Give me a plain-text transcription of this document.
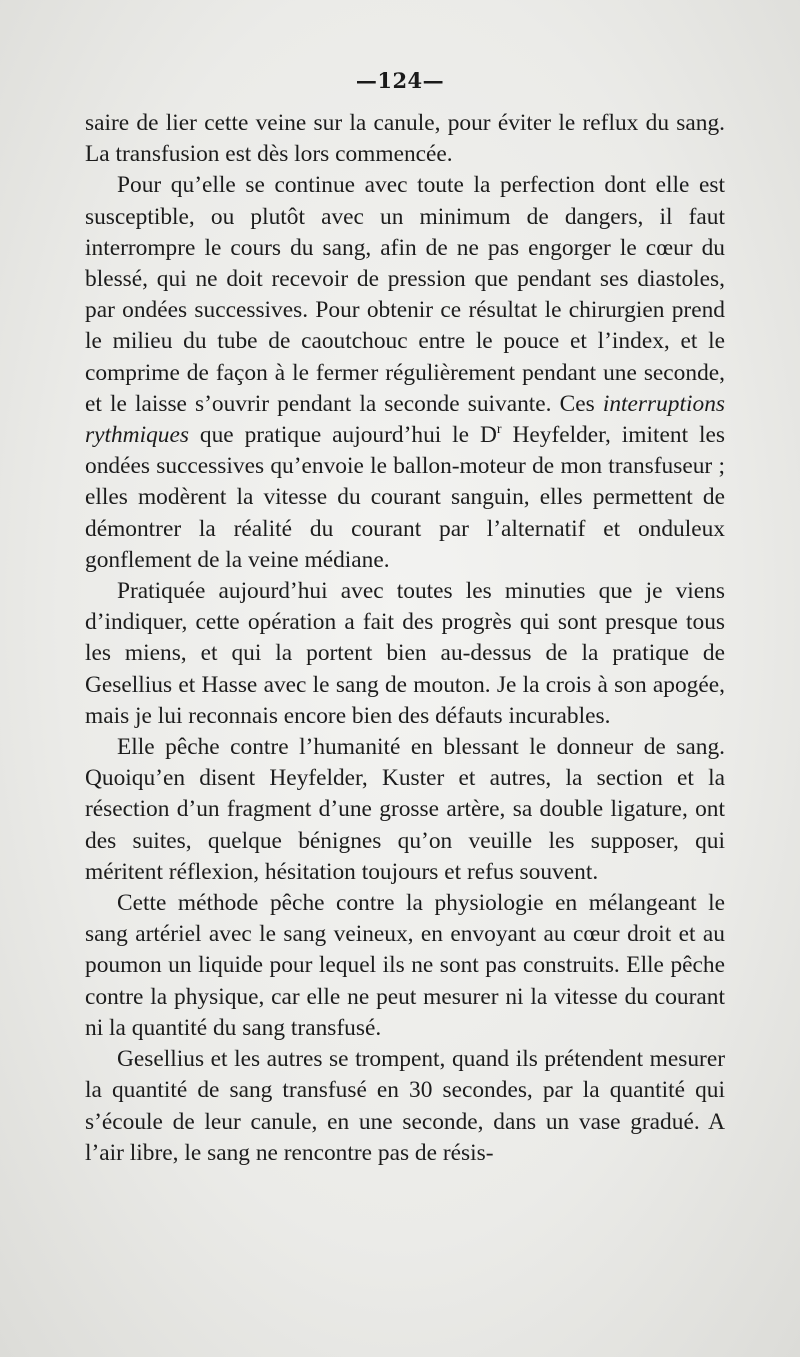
—124—

saire de lier cette veine sur la canule, pour éviter le reflux du sang. La transfusion est dès lors commencée.

Pour qu’elle se continue avec toute la perfection dont elle est susceptible, ou plutôt avec un minimum de dangers, il faut interrompre le cours du sang, afin de ne pas engorger le cœur du blessé, qui ne doit recevoir de pression que pendant ses diastoles, par ondées successives. Pour obtenir ce résultat le chirurgien prend le milieu du tube de caoutchouc entre le pouce et l’index, et le comprime de façon à le fermer régulièrement pendant une seconde, et le laisse s’ouvrir pendant la seconde suivante. Ces interruptions rythmiques que pratique aujourd’hui le $D^r$ Heyfelder, imitent les ondées successives qu’envoie le ballon-moteur de mon transfuseur ; elles modèrent la vitesse du courant sanguin, elles permettent de démontrer la réalité du courant par l’alternatif et onduleux gonflement de la veine médiane.

Pratiquée aujourd’hui avec toutes les minuties que je viens d’indiquer, cette opération a fait des progrès qui sont presque tous les miens, et qui la portent bien au-dessus de la pratique de Gesellius et Hasse avec le sang de mouton. Je la crois à son apogée, mais je lui reconnais encore bien des défauts incurables.

Elle pêche contre l’humanité en blessant le donneur de sang. Quoiqu’en disent Heyfelder, Kuster et autres, la section et la résection d’un fragment d’une grosse artère, sa double ligature, ont des suites, quelque bénignes qu’on veuille les supposer, qui méritent réflexion, hésitation toujours et refus souvent.

Cette méthode pêche contre la physiologie en mélangeant le sang artériel avec le sang veineux, en envoyant au cœur droit et au poumon un liquide pour lequel ils ne sont pas construits. Elle pêche contre la physique, car elle ne peut mesurer ni la vitesse du courant ni la quantité du sang transfusé.

Gesellius et les autres se trompent, quand ils prétendent mesurer la quantité de sang transfusé en 30 secondes, par la quantité qui s’écoule de leur canule, en une seconde, dans un vase gradué. A l’air libre, le sang ne rencontre pas de résis-
